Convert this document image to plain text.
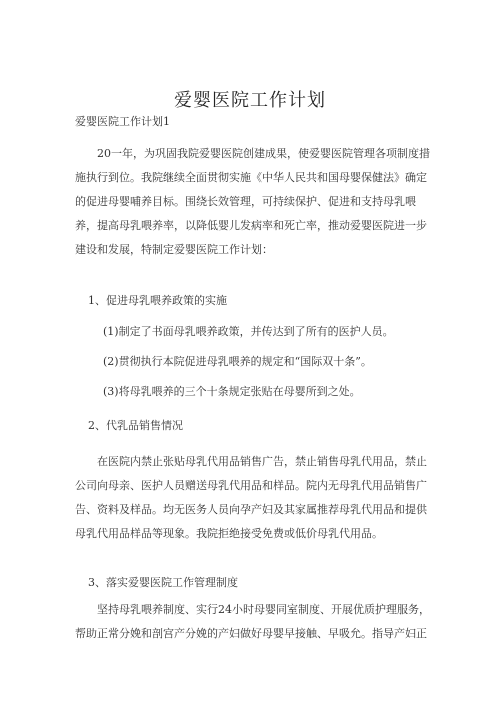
爱婴医院工作计划
爱婴医院工作计划1

20一年，为巩固我院爱婴医院创建成果，使爱婴医院管理各项制度措施执行到位。我院继续全面贯彻实施《中华人民共和国母婴保健法》确定的促进母婴哺养目标。围绕长效管理，可持续保护、促进和支持母乳喂养，提高母乳喂养率，以降低婴儿发病率和死亡率，推动爱婴医院进一步建设和发展，特制定爱婴医院工作计划：

1、促进母乳喂养政策的实施

(1)制定了书面母乳喂养政策，并传达到了所有的医护人员。

(2)贯彻执行本院促进母乳喂养的规定和“国际双十条”。

(3)将母乳喂养的三个十条规定张贴在母婴所到之处。

2、代乳品销售情况

在医院内禁止张贴母乳代用品销售广告，禁止销售母乳代用品，禁止公司向母亲、医护人员赠送母乳代用品和样品。院内无母乳代用品销售广告、资料及样品。均无医务人员向孕产妇及其家属推荐母乳代用品和提供母乳代用品样品等现象。我院拒绝接受免费或低价母乳代用品。

3、落实爱婴医院工作管理制度

坚持母乳喂养制度、实行24小时母婴同室制度、开展优质护理服务，帮助正常分娩和剖宫产分娩的产妇做好母婴早接触、早吸允。指导产妇正
